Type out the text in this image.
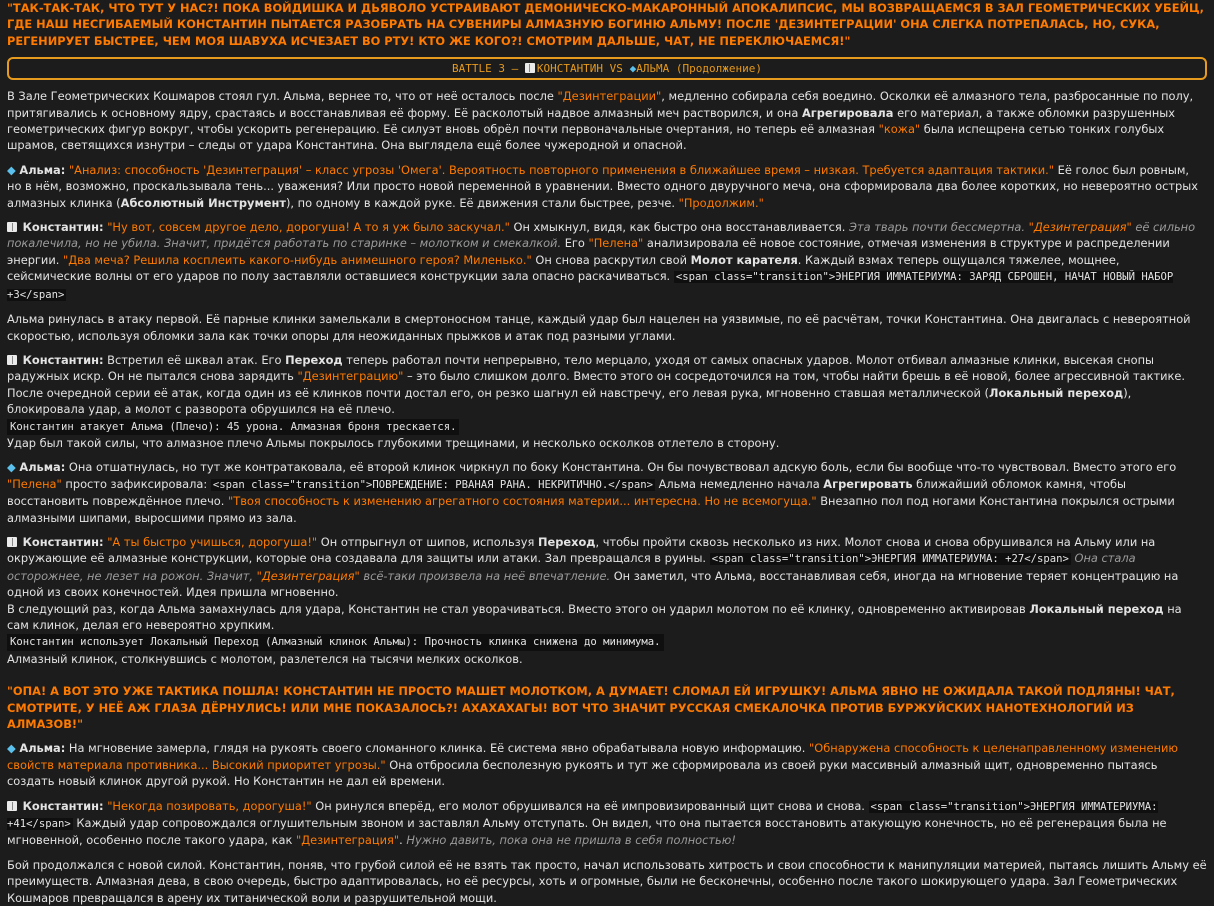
"ТАК-ТАК-ТАК, ЧТО ТУТ У НАС?! ПОКА ВОЙДИШКА И ДЬЯВОЛО УСТРАИВАЮТ ДЕМОНИЧЕСКО-МАКАРОННЫЙ АПОКАЛИПСИС, МЫ ВОЗВРАЩАЕМСЯ В ЗАЛ ГЕОМЕТРИЧЕСКИХ УБЕЙЦ, ГДЕ НАШ НЕСГИБАЕМЫЙ КОНСТАНТИН ПЫТАЕТСЯ РАЗОБРАТЬ НА СУВЕНИРЫ АЛМАЗНУЮ БОГИНЮ АЛЬМУ! ПОСЛЕ 'ДЕЗИНТЕГРАЦИИ' ОНА СЛЕГКА ПОТРЕПАЛАСЬ, НО, СУКА, РЕГЕНИРУЕТ БЫСТРЕЕ, ЧЕМ МОЯ ШАВУХА ИСЧЕЗАЕТ ВО РТУ! КТО ЖЕ КОГО?! СМОТРИМ ДАЛЬШЕ, ЧАТ, НЕ ПЕРЕКЛЮЧАЕМСЯ!"

BATTLE 3 – КОНСТАНТИН VS ◆АЛЬМА (Продолжение)

В Зале Геометрических Кошмаров стоял гул. Альма, вернее то, что от неё осталось после "Дезинтеграции", медленно собирала себя воедино. Осколки её алмазного тела, разбросанные по полу, притягивались к основному ядру, срастаясь и восстанавливая её форму. Её расколотый надвое алмазный меч растворился, и она Агрегировала его материал, а также обломки разрушенных геометрических фигур вокруг, чтобы ускорить регенерацию. Её силуэт вновь обрёл почти первоначальные очертания, но теперь её алмазная "кожа" была испещрена сетью тонких голубых шрамов, светящихся изнутри – следы от удара Константина. Она выглядела ещё более чужеродной и опасной.

◆ Альма: "Анализ: способность 'Дезинтеграция' – класс угрозы 'Омега'. Вероятность повторного применения в ближайшее время – низкая. Требуется адаптация тактики." Её голос был ровным, но в нём, возможно, проскальзывала тень... уважения? Или просто новой переменной в уравнении. Вместо одного двуручного меча, она сформировала два более коротких, но невероятно острых алмазных клинка (Абсолютный Инструмент), по одному в каждой руке. Её движения стали быстрее, резче. "Продолжим."

Константин: "Ну вот, совсем другое дело, дорогуша! А то я уж было заскучал." Он хмыкнул, видя, как быстро она восстанавливается. Эта тварь почти бессмертна. "Дезинтеграция" её сильно покалечила, но не убила. Значит, придётся работать по старинке – молотком и смекалкой. Его "Пелена" анализировала её новое состояние, отмечая изменения в структуре и распределении энергии. "Два меча? Решила косплеить какого-нибудь анимешного героя? Миленько." Он снова раскрутил свой Молот карателя. Каждый взмах теперь ощущался тяжелее, мощнее, сейсмические волны от его ударов по полу заставляли оставшиеся конструкции зала опасно раскачиваться. <span class="transition">ЭНЕРГИЯ ИММАТЕРИУМА: ЗАРЯД СБРОШЕН, НАЧАТ НОВЫЙ НАБОР +3</span>

Альма ринулась в атаку первой. Её парные клинки замелькали в смертоносном танце, каждый удар был нацелен на уязвимые, по её расчётам, точки Константина. Она двигалась с невероятной скоростью, используя обломки зала как точки опоры для неожиданных прыжков и атак под разными углами.

Константин: Встретил её шквал атак. Его Переход теперь работал почти непрерывно, тело мерцало, уходя от самых опасных ударов. Молот отбивал алмазные клинки, высекая снопы радужных искр. Он не пытался снова зарядить "Дезинтеграцию" – это было слишком долго. Вместо этого он сосредоточился на том, чтобы найти брешь в её новой, более агрессивной тактике. После очередной серии её атак, когда один из её клинков почти достал его, он резко шагнул ей навстречу, его левая рука, мгновенно ставшая металлической (Локальный переход), блокировала удар, а молот с разворота обрушился на её плечо.
Константин атакует Альма (Плечо): 45 урона. Алмазная броня трескается.
Удар был такой силы, что алмазное плечо Альмы покрылось глубокими трещинами, и несколько осколков отлетело в сторону.

◆ Альма: Она отшатнулась, но тут же контратаковала, её второй клинок чиркнул по боку Константина. Он бы почувствовал адскую боль, если бы вообще что-то чувствовал. Вместо этого его "Пелена" просто зафиксировала: <span class="transition">ПОВРЕЖДЕНИЕ: РВАНАЯ РАНА. НЕКРИТИЧНО.</span> Альма немедленно начала Агрегировать ближайший обломок камня, чтобы восстановить повреждённое плечо. "Твоя способность к изменению агрегатного состояния материи... интересна. Но не всемогуща." Внезапно пол под ногами Константина покрылся острыми алмазными шипами, выросшими прямо из зала.

Константин: "А ты быстро учишься, дорогуша!" Он отпрыгнул от шипов, используя Переход, чтобы пройти сквозь несколько из них. Молот снова и снова обрушивался на Альму или на окружающие её алмазные конструкции, которые она создавала для защиты или атаки. Зал превращался в руины. <span class="transition">ЭНЕРГИЯ ИММАТЕРИУМА: +27</span> Она стала осторожнее, не лезет на рожон. Значит, "Дезинтеграция" всё-таки произвела на неё впечатление. Он заметил, что Альма, восстанавливая себя, иногда на мгновение теряет концентрацию на одной из своих конечностей. Идея пришла мгновенно.
В следующий раз, когда Альма замахнулась для удара, Константин не стал уворачиваться. Вместо этого он ударил молотом по её клинку, одновременно активировав Локальный переход на сам клинок, делая его невероятно хрупким.
Константин использует Локальный Переход (Алмазный клинок Альмы): Прочность клинка снижена до минимума.
Алмазный клинок, столкнувшись с молотом, разлетелся на тысячи мелких осколков.

"ОПА! А ВОТ ЭТО УЖЕ ТАКТИКА ПОШЛА! КОНСТАНТИН НЕ ПРОСТО МАШЕТ МОЛОТКОМ, А ДУМАЕТ! СЛОМАЛ ЕЙ ИГРУШКУ! АЛЬМА ЯВНО НЕ ОЖИДАЛА ТАКОЙ ПОДЛЯНЫ! ЧАТ, СМОТРИТЕ, У НЕЁ АЖ ГЛАЗА ДЁРНУЛИСЬ! ИЛИ МНЕ ПОКАЗАЛОСЬ?! АХАХАХАГЫ! ВОТ ЧТО ЗНАЧИТ РУССКАЯ СМЕКАЛОЧКА ПРОТИВ БУРЖУЙСКИХ НАНОТЕХНОЛОГИЙ ИЗ АЛМАЗОВ!"

◆ Альма: На мгновение замерла, глядя на рукоять своего сломанного клинка. Её система явно обрабатывала новую информацию. "Обнаружена способность к целенаправленному изменению свойств материала противника... Высокий приоритет угрозы." Она отбросила бесполезную рукоять и тут же сформировала из своей руки массивный алмазный щит, одновременно пытаясь создать новый клинок другой рукой. Но Константин не дал ей времени.

Константин: "Некогда позировать, дорогуша!" Он ринулся вперёд, его молот обрушивался на её импровизированный щит снова и снова. <span class="transition">ЭНЕРГИЯ ИММАТЕРИУМА: +41</span> Каждый удар сопровождался оглушительным звоном и заставлял Альму отступать. Он видел, что она пытается восстановить атакующую конечность, но её регенерация была не мгновенной, особенно после такого удара, как "Дезинтеграция". Нужно давить, пока она не пришла в себя полностью!

Бой продолжался с новой силой. Константин, поняв, что грубой силой её не взять так просто, начал использовать хитрость и свои способности к манипуляции материей, пытаясь лишить Альму её преимуществ. Алмазная дева, в свою очередь, быстро адаптировалась, но её ресурсы, хоть и огромные, были не бесконечны, особенно после такого шокирующего удара. Зал Геометрических Кошмаров превращался в арену их титанической воли и разрушительной мощи.
